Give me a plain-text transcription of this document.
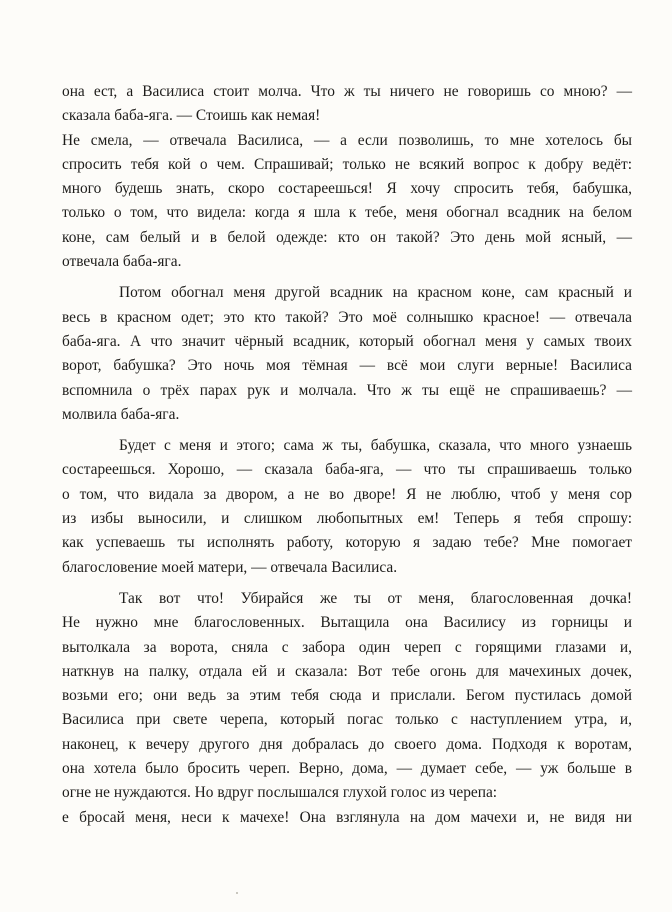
она ест, а Василиса стоит молча. Что ж ты ничего не говоришь со мною? —
сказала баба-яга. — Стоишь как немая!
Не смела, — отвечала Василиса, — а если позволишь, то мне хотелось бы
спросить тебя кой о чем. Спрашивай; только не всякий вопрос к добру ведёт:
много будешь знать, скоро состареешься! Я хочу спросить тебя, бабушка,
только о том, что видела: когда я шла к тебе, меня обогнал всадник на белом
коне, сам белый и в белой одежде: кто он такой? Это день мой ясный, —
отвечала баба-яга.
Потом обогнал меня другой всадник на красном коне, сам красный и
весь в красном одет; это кто такой? Это моё солнышко красное! — отвечала
баба-яга. А что значит чёрный всадник, который обогнал меня у самых твоих
ворот, бабушка? Это ночь моя тёмная — всё мои слуги верные! Василиса
вспомнила о трёх парах рук и молчала. Что ж ты ещё не спрашиваешь? —
молвила баба-яга.
Будет с меня и этого; сама ж ты, бабушка, сказала, что много узнаешь
состареешься. Хорошо, — сказала баба-яга, — что ты спрашиваешь только
о том, что видала за двором, а не во дворе! Я не люблю, чтоб у меня сор
из избы выносили, и слишком любопытных ем! Теперь я тебя спрошу:
как успеваешь ты исполнять работу, которую я задаю тебе? Мне помогает
благословение моей матери, — отвечала Василиса.
Так вот что! Убирайся же ты от меня, благословенная дочка!
Не нужно мне благословенных. Вытащила она Василису из горницы и
вытолкала за ворота, сняла с забора один череп с горящими глазами и,
наткнув на палку, отдала ей и сказала: Вот тебе огонь для мачехиных дочек,
возьми его; они ведь за этим тебя сюда и прислали. Бегом пустилась домой
Василиса при свете черепа, который погас только с наступлением утра, и,
наконец, к вечеру другого дня добралась до своего дома. Подходя к воротам,
она хотела было бросить череп. Верно, дома, — думает себе, — уж больше в
огне не нуждаются. Но вдруг послышался глухой голос из черепа:
е бросай меня, неси к мачехе! Она взглянула на дом мачехи и, не видя ни
